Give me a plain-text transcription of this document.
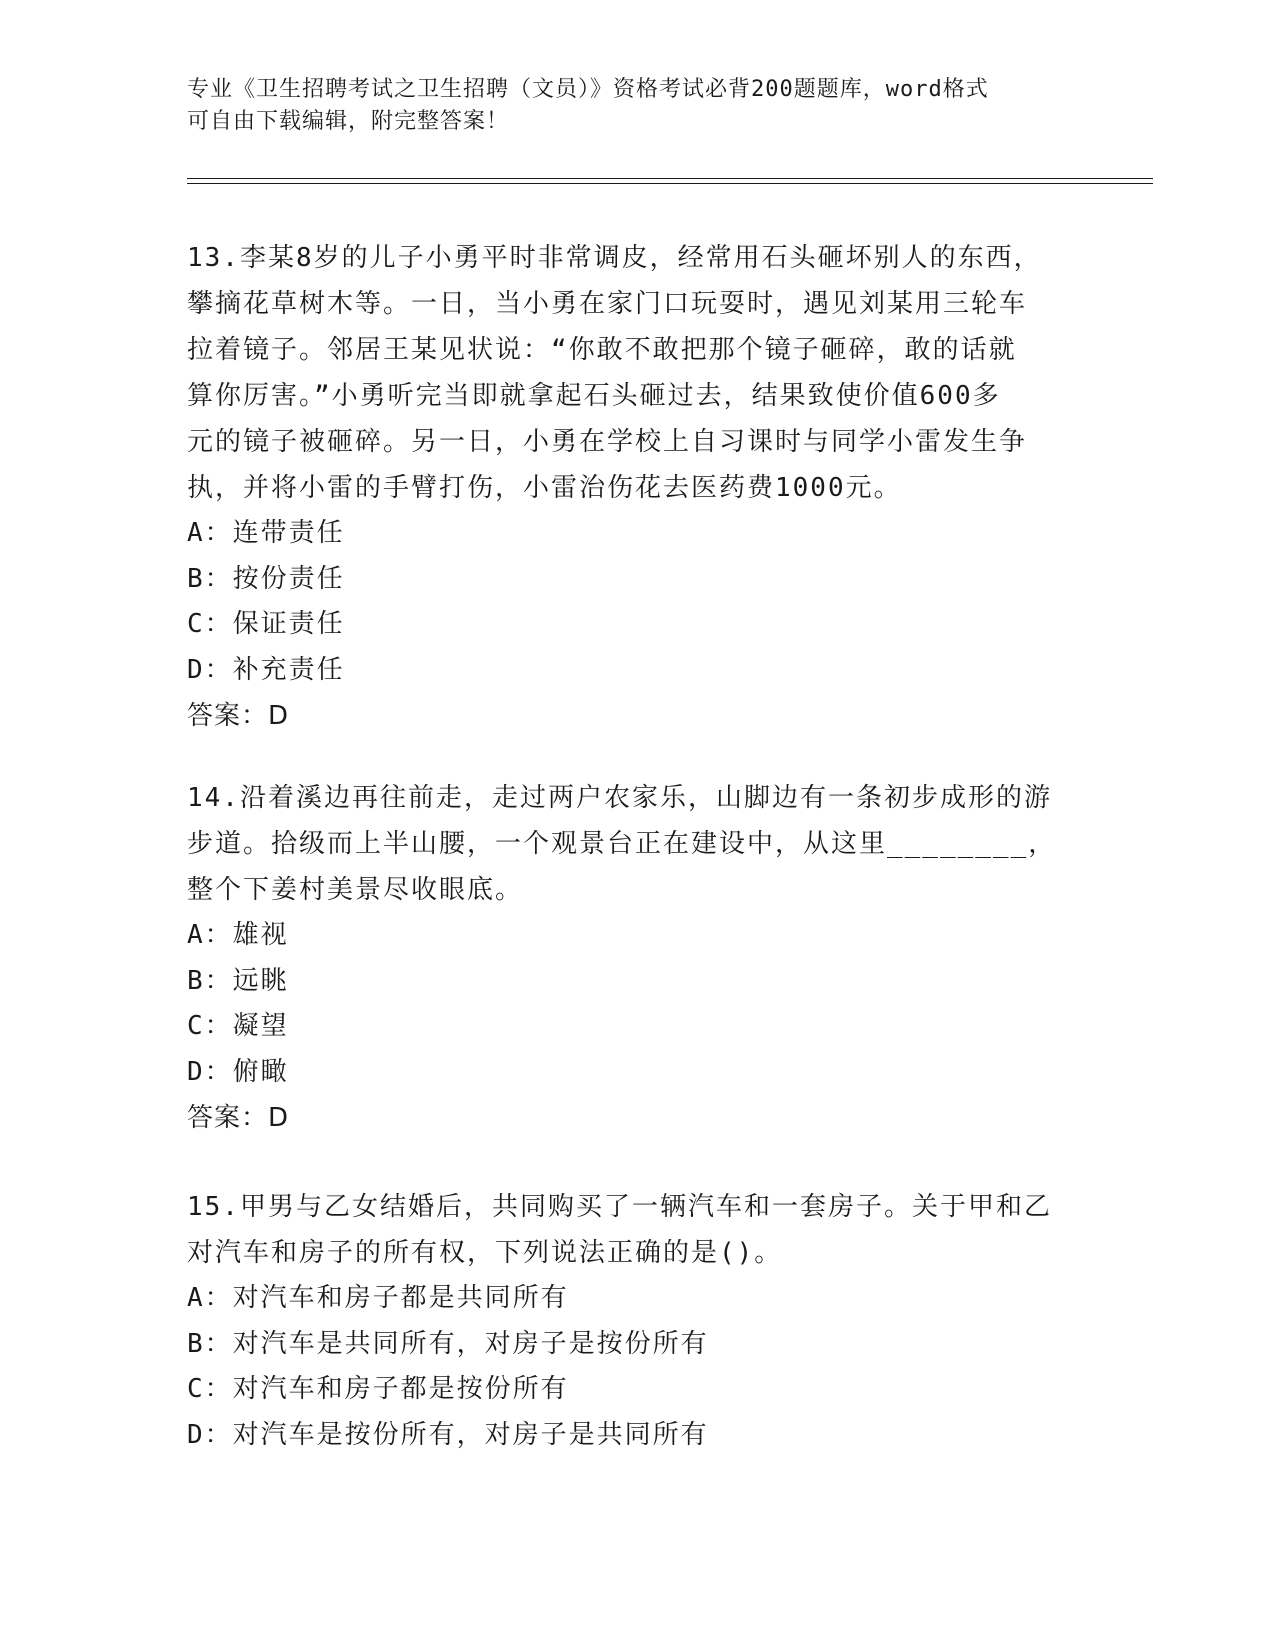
专业《卫生招聘考试之卫生招聘（文员）》资格考试必背200题题库，word格式
可自由下载编辑，附完整答案！
13.李某8岁的儿子小勇平时非常调皮，经常用石头砸坏别人的东西，
攀摘花草树木等。一日，当小勇在家门口玩耍时，遇见刘某用三轮车
拉着镜子。邻居王某见状说：“你敢不敢把那个镜子砸碎，敢的话就
算你厉害。”小勇听完当即就拿起石头砸过去，结果致使价值600多
元的镜子被砸碎。另一日，小勇在学校上自习课时与同学小雷发生争
执，并将小雷的手臂打伤，小雷治伤花去医药费1000元。
A：连带责任
B：按份责任
C：保证责任
D：补充责任
答案：D
14.沿着溪边再往前走，走过两户农家乐，山脚边有一条初步成形的游
步道。拾级而上半山腰，一个观景台正在建设中，从这里________，
整个下姜村美景尽收眼底。
A：雄视
B：远眺
C：凝望
D：俯瞰
答案：D
15.甲男与乙女结婚后，共同购买了一辆汽车和一套房子。关于甲和乙
对汽车和房子的所有权，下列说法正确的是()。
A：对汽车和房子都是共同所有
B：对汽车是共同所有，对房子是按份所有
C：对汽车和房子都是按份所有
D：对汽车是按份所有，对房子是共同所有
